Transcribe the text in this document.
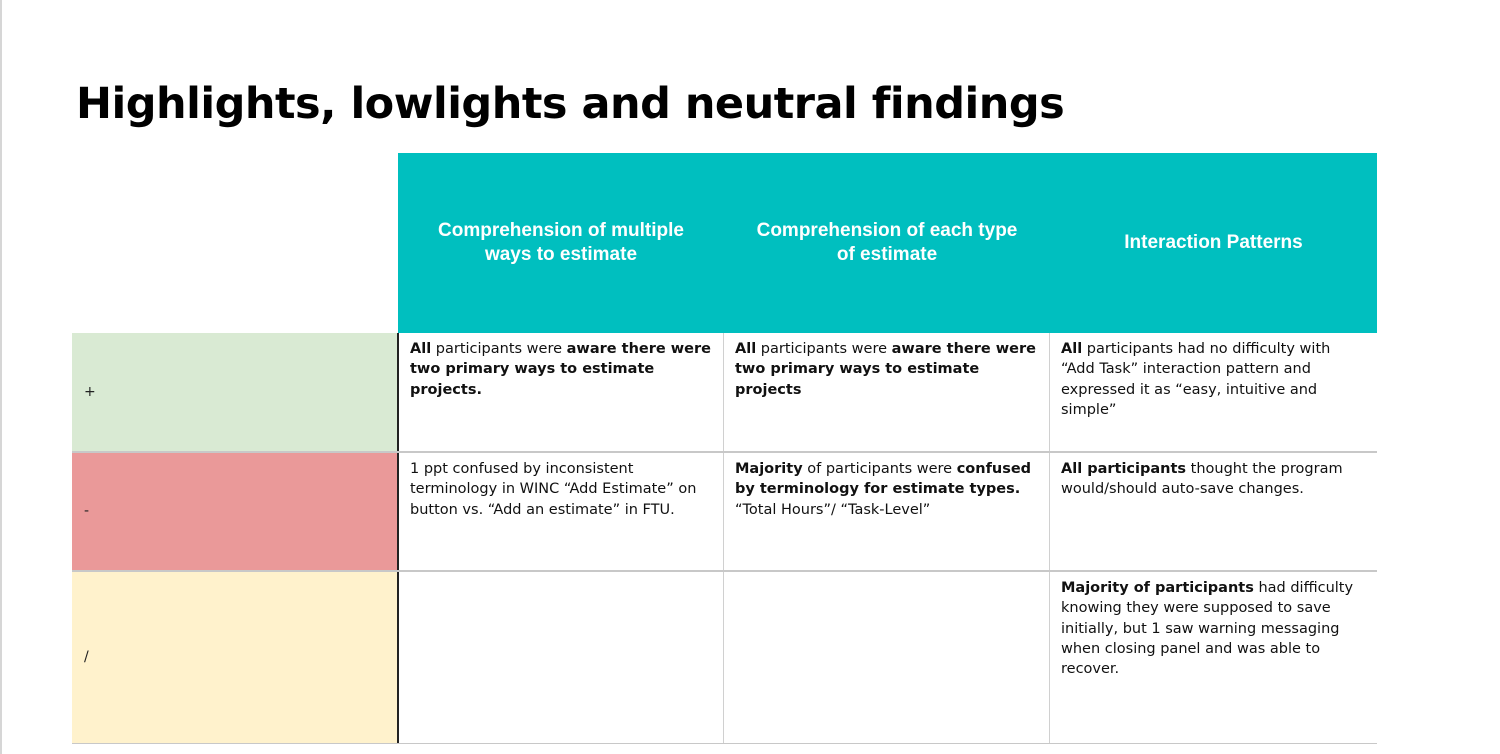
Highlights, lowlights and neutral findings
Comprehension of multiple
ways to estimate
Comprehension of each type
of estimate
Interaction Patterns
+
-
/
All participants were aware there were two primary ways to estimate projects.
All participants were aware there were two primary ways to estimate projects
All participants had no difficulty with “Add Task” interaction pattern and expressed it as “easy, intuitive and simple”
1 ppt confused by inconsistent terminology in WINC “Add Estimate” on button vs. “Add an estimate” in FTU.
Majority of participants were confused by terminology for estimate types. “Total Hours”/ “Task-Level”
All participants thought the program would/should auto-save changes.
Majority of participants had difficulty knowing they were supposed to save initially, but 1 saw warning messaging when closing panel and was able to recover.
